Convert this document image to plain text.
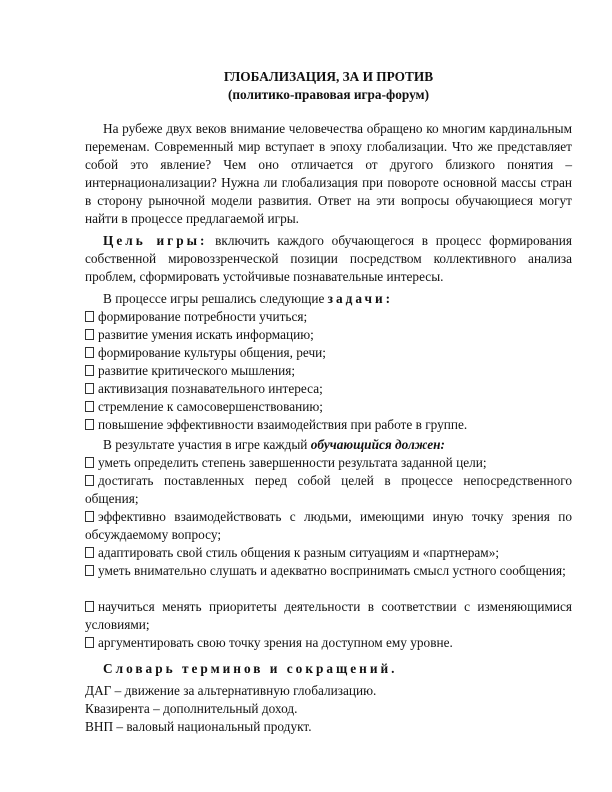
ГЛОБАЛИЗАЦИЯ, ЗА И ПРОТИВ
(политико-правовая игра-форум)
На рубеже двух веков внимание человечества обращено ко многим кардинальным переменам. Современный мир вступает в эпоху глобализации. Что же представляет собой это явление? Чем оно отличается от другого близкого понятия – интернационализации? Нужна ли глобализация при повороте основной массы стран в сторону рыночной модели развития. Ответ на эти вопросы обучающиеся могут найти в процессе предлагаемой игры.
Цель игры: включить каждого обучающегося в процесс формирования собственной мировоззренческой позиции посредством коллективного анализа проблем, сформировать устойчивые познавательные интересы.
В процессе игры решались следующие задачи:
формирование потребности учиться;
развитие умения искать информацию;
формирование культуры общения, речи;
развитие критического мышления;
активизация познавательного интереса;
стремление к самосовершенствованию;
повышение эффективности взаимодействия при работе в группе.
В результате участия в игре каждый обучающийся должен:
уметь определить степень завершенности результата заданной цели;
достигать поставленных перед собой целей в процессе непосредственного общения;
эффективно взаимодействовать с людьми, имеющими иную точку зрения по обсуждаемому вопросу;
адаптировать свой стиль общения к разным ситуациям и «партнерам»;
уметь внимательно слушать и адекватно воспринимать смысл устного сообщения;
научиться менять приоритеты деятельности в соответствии с изменяющимися условиями;
аргументировать свою точку зрения на доступном ему уровне.
Словарь терминов и сокращений.
ДАГ – движение за альтернативную глобализацию.
Квазирента – дополнительный доход.
ВНП – валовый национальный продукт.
